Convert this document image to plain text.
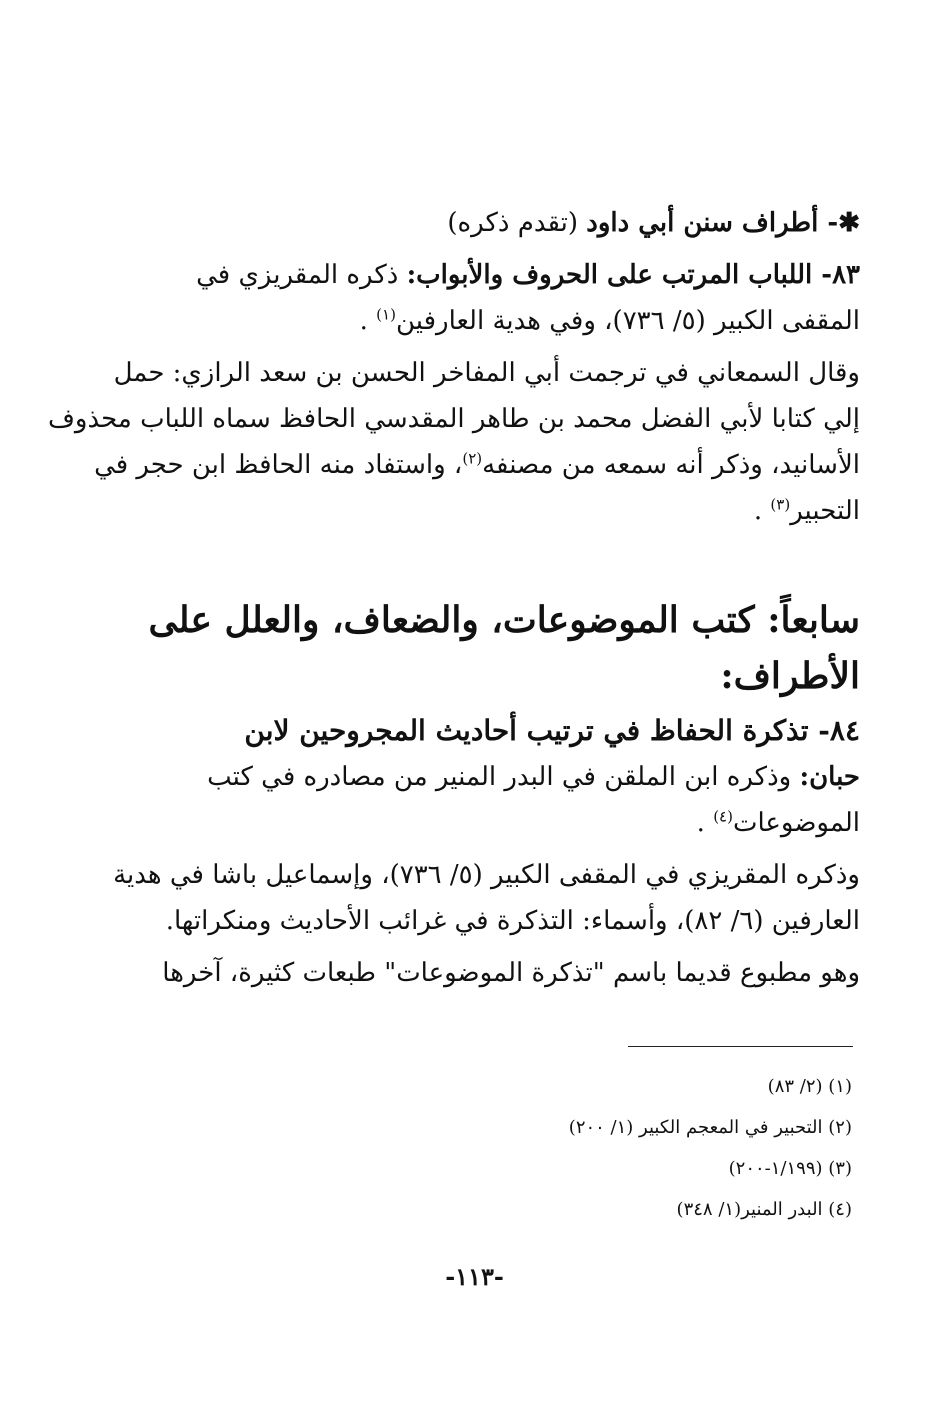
✱- أطراف سنن أبي داود (تقدم ذكره)
٨٣- اللباب المرتب على الحروف والأبواب: ذكره المقريزي في
المقفى الكبير (٥/ ٧٣٦)، وفي هدية العارفين$^{(١)}$ .
وقال السمعاني في ترجمت أبي المفاخر الحسن بن سعد الرازي: حمل
إلي كتابا لأبي الفضل محمد بن طاهر المقدسي الحافظ سماه اللباب محذوف
الأسانيد، وذكر أنه سمعه من مصنفه$^{(٢)}$، واستفاد منه الحافظ ابن حجر في
التحبير$^{(٣)}$ .
سابعاً: كتب الموضوعات، والضعاف، والعلل على
الأطراف:
٨٤- تذكرة الحفاظ في ترتيب أحاديث المجروحين لابن
حبان: وذكره ابن الملقن في البدر المنير من مصادره في كتب
الموضوعات$^{(٤)}$ .
وذكره المقريزي في المقفى الكبير (٥/ ٧٣٦)، وإسماعيل باشا في هدية
العارفين (٦/ ٨٢)، وأسماء: التذكرة في غرائب الأحاديث ومنكراتها.
وهو مطبوع قديما باسم "تذكرة الموضوعات" طبعات كثيرة، آخرها
(١) (٢/ ٨٣)
(٢) التحبير في المعجم الكبير (١/ ٢٠٠)
(٣) (١/١٩٩-٢٠٠)
(٤) البدر المنير(١/ ٣٤٨)
-١١٣-
